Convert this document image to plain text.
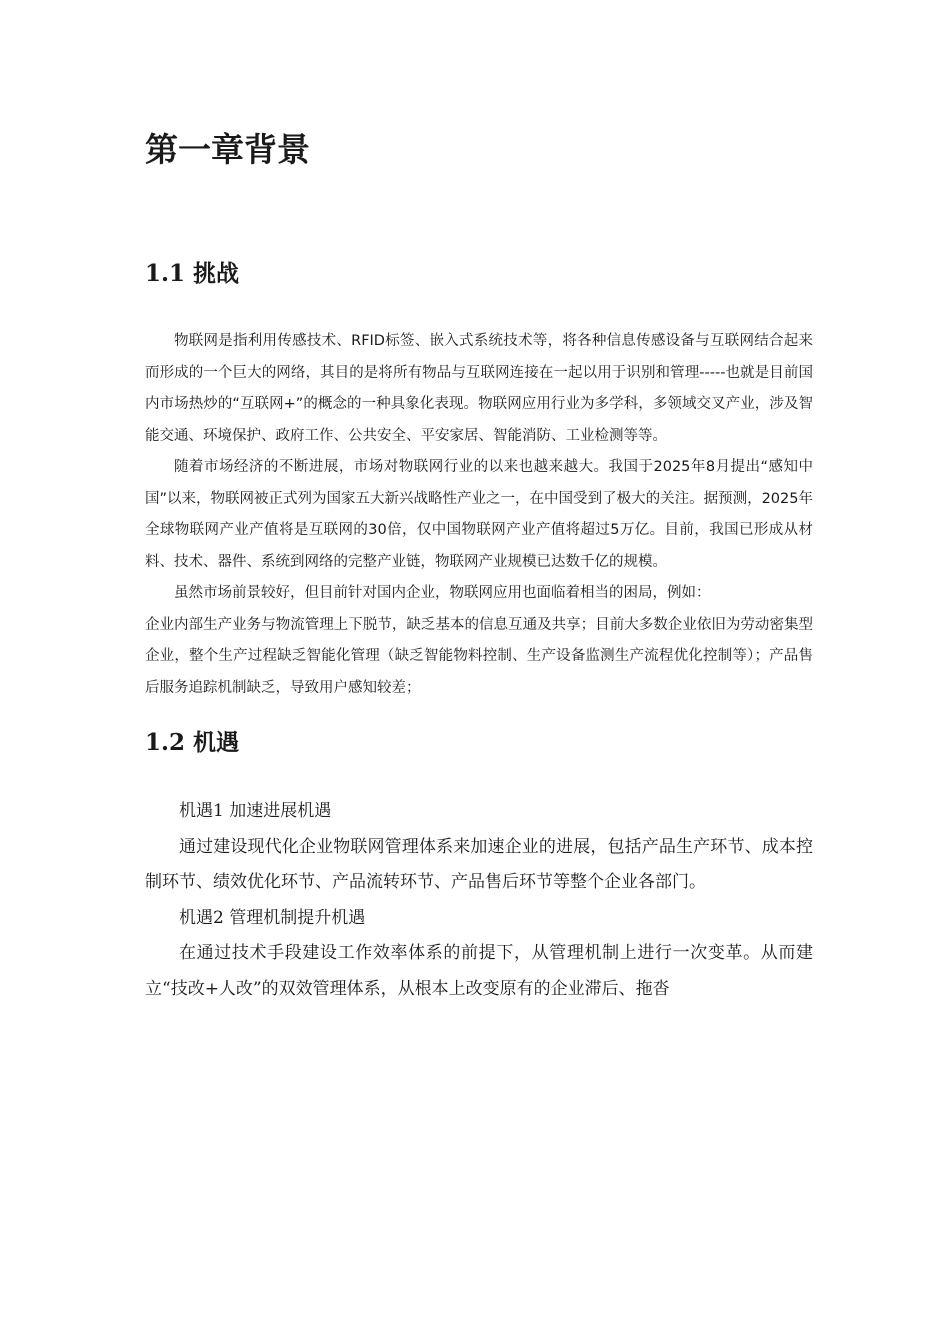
第一章背景
1.1 挑战

物联网是指利用传感技术、RFID标签、嵌入式系统技术等，将各种信息传感设备与互联网结合起来而形成的一个巨大的网络，其目的是将所有物品与互联网连接在一起以用于识别和管理-----也就是目前国内市场热炒的“互联网+”的概念的一种具象化表现。物联网应用行业为多学科，多领域交叉产业，涉及智能交通、环境保护、政府工作、公共安全、平安家居、智能消防、工业检测等等。

随着市场经济的不断进展，市场对物联网行业的以来也越来越大。我国于2025年8月提出“感知中国”以来，物联网被正式列为国家五大新兴战略性产业之一，在中国受到了极大的关注。据预测，2025年全球物联网产业产值将是互联网的30倍，仅中国物联网产业产值将超过5万亿。目前，我国已形成从材料、技术、器件、系统到网络的完整产业链，物联网产业规模已达数千亿的规模。

虽然市场前景较好，但目前针对国内企业，物联网应用也面临着相当的困局，例如：

企业内部生产业务与物流管理上下脱节，缺乏基本的信息互通及共享；目前大多数企业依旧为劳动密集型企业，整个生产过程缺乏智能化管理（缺乏智能物料控制、生产设备监测生产流程优化控制等）；产品售后服务追踪机制缺乏，导致用户感知较差；

1.2 机遇

机遇1 加速进展机遇

通过建设现代化企业物联网管理体系来加速企业的进展，包括产品生产环节、成本控制环节、绩效优化环节、产品流转环节、产品售后环节等整个企业各部门。

机遇2 管理机制提升机遇

在通过技术手段建设工作效率体系的前提下，从管理机制上进行一次变革。从而建立“技改+人改”的双效管理体系，从根本上改变原有的企业滞后、拖沓
